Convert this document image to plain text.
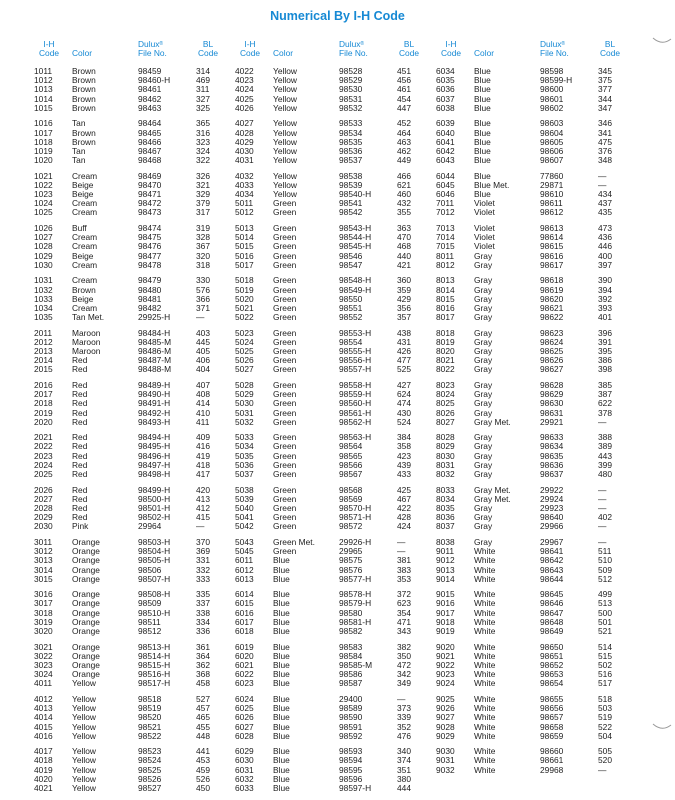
Numerical By I-H Code
I-H
Code	Color
Dulux®
File No.
BL
Code
1011 Brown	98459	314
1012 Brown	98460-H	469
1013 Brown	98461	311
1014 Brown	98462	327
1015 Brown	98463	325
1016 Tan	98464	365
1017 Brown	98465	316
1018 Brown	98466	323
1019 Tan	98467	324
1020 Tan	98468	322
1021 Cream	98469	326
1022 Beige	98470	321
1023 Beige	98471	329
1024 Cream	98472	379
1025 Cream	98473	317
1026 Buff	98474	319
1027 Cream	98475	328
1028 Cream	98476	367
1029 Beige	98477	320
1030 Cream	98478	318
1031 Cream	98479	330
1032 Brown	98480	576
1033 Beige	98481	366
1034 Cream	98482	371
1035 Tan Met.	29925-H	—
2011 Maroon	98484-H	403
2012 Maroon	98485-M	445
2013 Maroon	98486-M	405
2014 Red	98487-M	406
2015 Red	98488-M	404
2016 Red	98489-H	407
2017 Red	98490-H	408
2018 Red	98491-H	414
2019 Red	98492-H	410
2020 Red	98493-H	411
2021 Red	98494-H	409
2022 Red	98495-H	416
2023 Red	98496-H	419
2024 Red	98497-H	418
2025 Red	98498-H	417
2026 Red	98499-H	420
2027 Red	98500-H	413
2028 Red	98501-H	412
2029 Red	98502-H	415
2030 Pink	29964	—
3011 Orange	98503-H	370
3012 Orange	98504-H	369
3013 Orange	98505-H	331
3014 Orange	98506	332
3015 Orange	98507-H	333
3016 Orange	98508-H	335
3017 Orange	98509	337
3018 Orange	98510-H	338
3019 Orange	98511	334
3020 Orange	98512	336
3021 Orange	98513-H	361
3022 Orange	98514-H	364
3023 Orange	98515-H	362
3024 Orange	98516-H	368
4011 Yellow	98517-H	458
4012 Yellow	98518	527
4013 Yellow	98519	457
4014 Yellow	98520	465
4015 Yellow	98521	455
4016 Yellow	98522	448
4017 Yellow	98523	441
4018 Yellow	98524	453
4019 Yellow	98525	459
4020 Yellow	98526	526
4021 Yellow	98527	450
I-H
Code	Color
Dulux®
File No.
BL
Code
4022 Yellow	98528	451
4023 Yellow	98529	456
4024 Yellow	98530	461
4025 Yellow	98531	454
4026 Yellow	98532	447
4027 Yellow	98533	452
4028 Yellow	98534	464
4029 Yellow	98535	463
4030 Yellow	98536	462
4031 Yellow	98537	449
4032 Yellow	98538	466
4033 Yellow	98539	621
4034 Yellow	98540-H	460
5011 Green	98541	432
5012 Green	98542	355
5013 Green	98543-H	363
5014 Green	98544-H	470
5015 Green	98545-H	468
5016 Green	98546	440
5017 Green	98547	421
5018 Green	98548-H	360
5019 Green	98549-H	359
5020 Green	98550	429
5021 Green	98551	356
5022 Green	98552	357
5023 Green	98553-H	438
5024 Green	98554	431
5025 Green	98555-H	426
5026 Green	98556-H	477
5027 Green	98557-H	525
5028 Green	98558-H	427
5029 Green	98559-H	624
5030 Green	98560-H	474
5031 Green	98561-H	430
5032 Green	98562-H	524
5033 Green	98563-H	384
5034 Green	98564	358
5035 Green	98565	423
5036 Green	98566	439
5037 Green	98567	433
5038 Green	98568	425
5039 Green	98569	467
5040 Green	98570-H	422
5041 Green	98571-H	428
5042 Green	98572	424
5043 Green Met.	29926-H	—
5045 Green	29965	—
6011 Blue	98575	381
6012 Blue	98576	383
6013 Blue	98577-H	353
6014 Blue	98578-H	372
6015 Blue	98579-H	623
6016 Blue	98580	354
6017 Blue	98581-H	471
6018 Blue	98582	343
6019 Blue	98583	382
6020 Blue	98584	350
6021 Blue	98585-M	472
6022 Blue	98586	342
6023 Blue	98587	349
6024 Blue	29400	—
6025 Blue	98589	373
6026 Blue	98590	339
6027 Blue	98591	352
6028 Blue	98592	476
6029 Blue	98593	340
6030 Blue	98594	374
6031 Blue	98595	351
6032 Blue	98596	380
6033 Blue	98597-H	444
I-H
Code	Color
Dulux®
File No.
BL
Code
6034 Blue	98598	345
6035 Blue	98599-H	375
6036 Blue	98600	377
6037 Blue	98601	344
6038 Blue	98602	347
6039 Blue	98603	346
6040 Blue	98604	341
6041 Blue	98605	475
6042 Blue	98606	376
6043 Blue	98607	348
6044 Blue	77860	—
6045 Blue Met.	29871	—
6046 Blue	98610	434
7011 Violet	98611	437
7012 Violet	98612	435
7013 Violet	98613	473
7014 Violet	98614	436
7015 Violet	98615	446
8011 Gray	98616	400
8012 Gray	98617	397
8013 Gray	98618	390
8014 Gray	98619	394
8015 Gray	98620	392
8016 Gray	98621	393
8017 Gray	98622	401
8018 Gray	98623	396
8019 Gray	98624	391
8020 Gray	98625	395
8021 Gray	98626	386
8022 Gray	98627	398
8023 Gray	98628	385
8024 Gray	98629	387
8025 Gray	98630	622
8026 Gray	98631	378
8027 Gray Met.	29921	—
8028 Gray	98633	388
8029 Gray	98634	389
8030 Gray	98635	443
8031 Gray	98636	399
8032 Gray	98637	480
8033 Gray Met.	29922	—
8034 Gray Met.	29924	—
8035 Gray	29923	—
8036 Gray	98640	402
8037 Gray	29966	—
8038 Gray	29967	—
9011 White	98641	511
9012 White	98642	510
9013 White	98643	509
9014 White	98644	512
9015 White	98645	499
9016 White	98646	513
9017 White	98647	500
9018 White	98648	501
9019 White	98649	521
9020 White	98650	514
9021 White	98651	515
9022 White	98652	502
9023 White	98653	516
9024 White	98654	517
9025 White	98655	518
9026 White	98656	503
9027 White	98657	519
9028 White	98658	522
9029 White	98659	504
9030 White	98660	505
9031 White	98661	520
9032 White	29968	—
